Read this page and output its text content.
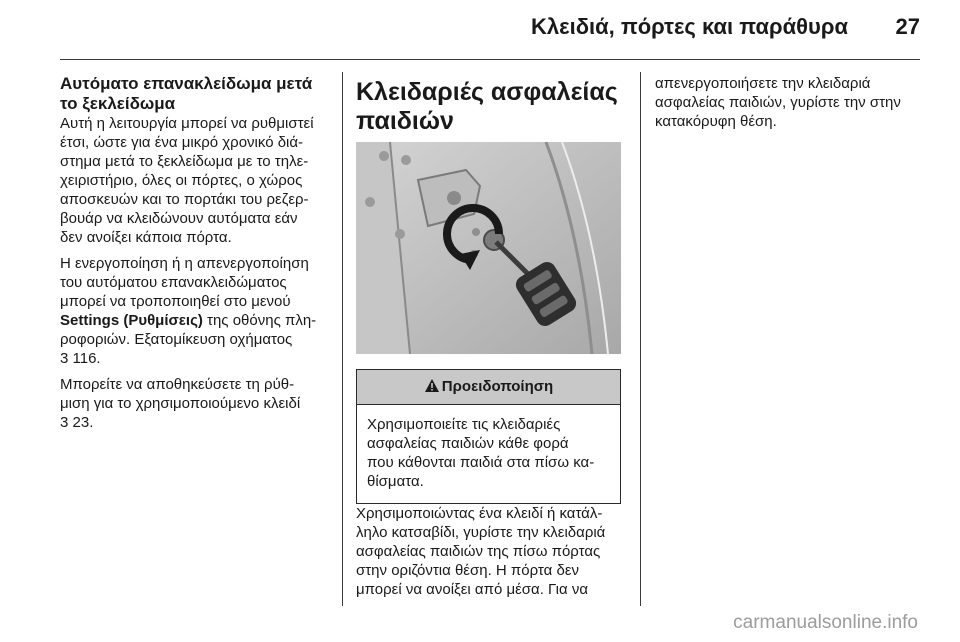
Κλειδιά, πόρτες και παράθυρα 27
Αυτόματο επανακλείδωμα μετά
το ξεκλείδωμα

Αυτή η λειτουργία μπορεί να ρυθμιστεί
έτσι, ώστε για ένα μικρό χρονικό διά-
στημα μετά το ξεκλείδωμα με το τηλε-
χειριστήριο, όλες οι πόρτες, ο χώρος
αποσκευών και το πορτάκι του ρεζερ-
βουάρ να κλειδώνουν αυτόματα εάν
δεν ανοίξει κάποια πόρτα.

Η ενεργοποίηση ή η απενεργοποίηση
του αυτόματου επανακλειδώματος
μπορεί να τροποποιηθεί στο μενού
Settings (Ρυθμίσεις) της οθόνης πλη-
ροφοριών. Εξατομίκευση οχήματος
3 116.

Μπορείτε να αποθηκεύσετε τη ρύθ-
μιση για το χρησιμοποιούμενο κλειδί
3 23.

Κλειδαριές ασφαλείας
παιδιών
Προειδοποίηση
Χρησιμοποιείτε τις κλειδαριές
ασφαλείας παιδιών κάθε φορά
που κάθονται παιδιά στα πίσω κα-
θίσματα.

Χρησιμοποιώντας ένα κλειδί ή κατάλ-
ληλο κατσαβίδι, γυρίστε την κλειδαριά
ασφαλείας παιδιών της πίσω πόρτας
στην οριζόντια θέση. Η πόρτα δεν
μπορεί να ανοίξει από μέσα. Για να

απενεργοποιήσετε την κλειδαριά
ασφαλείας παιδιών, γυρίστε την στην
κατακόρυφη θέση.

carmanualsonline.info
